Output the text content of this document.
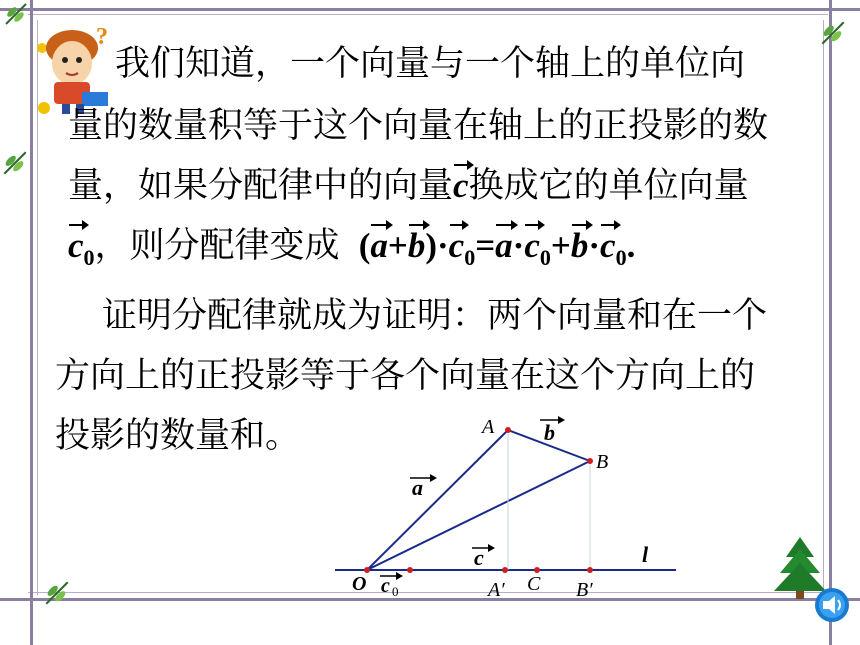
?
我们知道，一个向量与一个轴上的单位向
量的数量积等于这个向量在轴上的正投影的数
量，如果分配律中的向量c换成它的单位向量
$c_0$，则分配律变成 $(a+b)\cdot c_0=a\cdot c_0+b\cdot c_0$.
证明分配律就成为证明：两个向量和在一个
方向上的正投影等于各个向量在这个方向上的
投影的数量和。	A
B
O	A′ C B′
l
a
b
c
c 0
